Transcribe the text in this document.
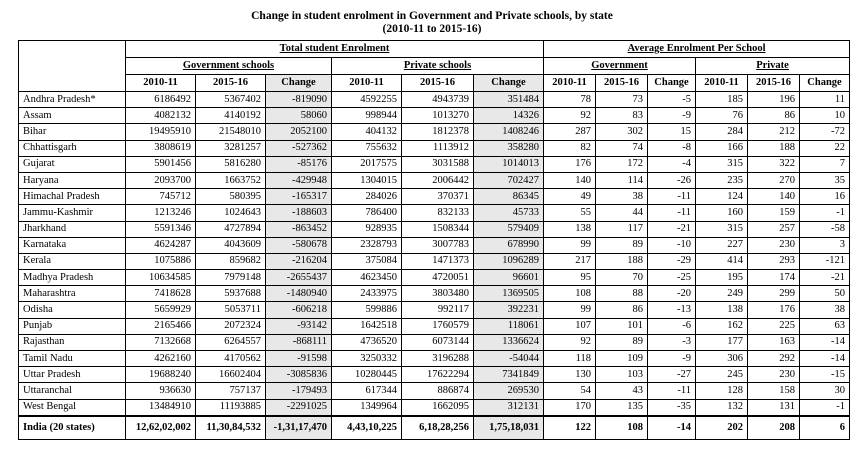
Change in student enrolment in Government and Private schools, by state
(2010-11 to 2015-16)
	Total student Enrolment						Average Enrolment Per School					
	Government schools			Private schools			Government			Private		
	2010-11	2015-16	Change	2010-11	2015-16	Change	2010-11	2015-16	Change	2010-11	2015-16	Change
Andhra Pradesh*	6186492	5367402	-819090	4592255	4943739	351484	78	73	-5	185	196	11
Assam	4082132	4140192	58060	998944	1013270	14326	92	83	-9	76	86	10
Bihar	19495910	21548010	2052100	404132	1812378	1408246	287	302	15	284	212	-72
Chhattisgarh	3808619	3281257	-527362	755632	1113912	358280	82	74	-8	166	188	22
Gujarat	5901456	5816280	-85176	2017575	3031588	1014013	176	172	-4	315	322	7
Haryana	2093700	1663752	-429948	1304015	2006442	702427	140	114	-26	235	270	35
Himachal Pradesh	745712	580395	-165317	284026	370371	86345	49	38	-11	124	140	16
Jammu-Kashmir	1213246	1024643	-188603	786400	832133	45733	55	44	-11	160	159	-1
Jharkhand	5591346	4727894	-863452	928935	1508344	579409	138	117	-21	315	257	-58
Karnataka	4624287	4043609	-580678	2328793	3007783	678990	99	89	-10	227	230	3
Kerala	1075886	859682	-216204	375084	1471373	1096289	217	188	-29	414	293	-121
Madhya Pradesh	10634585	7979148	-2655437	4623450	4720051	96601	95	70	-25	195	174	-21
Maharashtra	7418628	5937688	-1480940	2433975	3803480	1369505	108	88	-20	249	299	50
Odisha	5659929	5053711	-606218	599886	992117	392231	99	86	-13	138	176	38
Punjab	2165466	2072324	-93142	1642518	1760579	118061	107	101	-6	162	225	63
Rajasthan	7132668	6264557	-868111	4736520	6073144	1336624	92	89	-3	177	163	-14
Tamil Nadu	4262160	4170562	-91598	3250332	3196288	-54044	118	109	-9	306	292	-14
Uttar Pradesh	19688240	16602404	-3085836	10280445	17622294	7341849	130	103	-27	245	230	-15
Uttaranchal	936630	757137	-179493	617344	886874	269530	54	43	-11	128	158	30
West Bengal	13484910	11193885	-2291025	1349964	1662095	312131	170	135	-35	132	131	-1
India (20 states)	12,62,02,002	11,30,84,532	-1,31,17,470	4,43,10,225	6,18,28,256	1,75,18,031	122	108	-14	202	208	6
